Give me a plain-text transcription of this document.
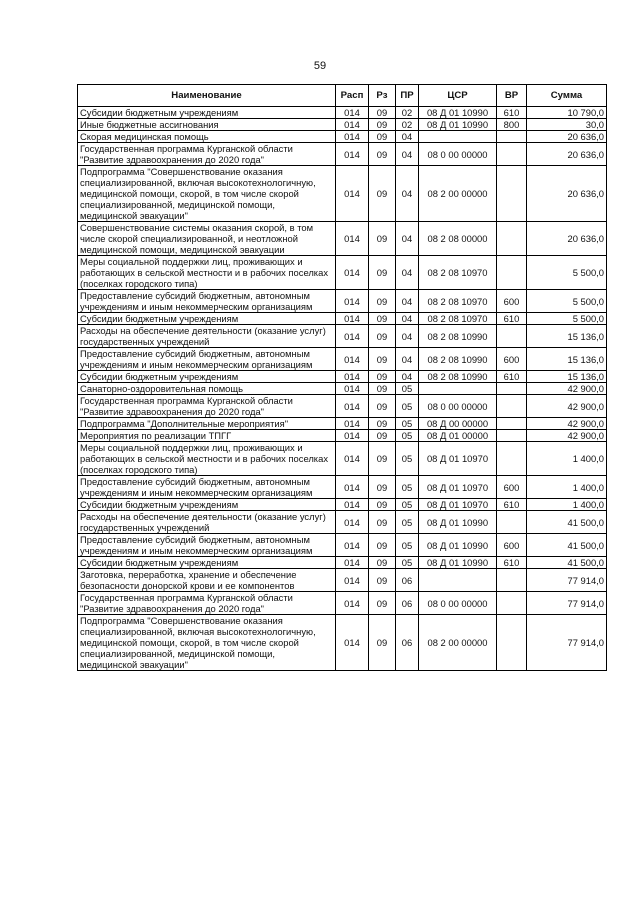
59
Наименование	Расп	Рз	ПР	ЦСР	ВР	Сумма
Субсидии бюджетным учреждениям	014	09	02	08 Д 01 10990	610	10 790,0
Иные бюджетные ассигнования	014	09	02	08 Д 01 10990	800	30,0
Скорая медицинская помощь	014	09	04			20 636,0
Государственная программа Курганской области "Развитие здравоохранения до 2020 года"	014	09	04	08 0 00 00000		20 636,0
Подпрограмма "Совершенствование оказания специализированной, включая высокотехнологичную, медицинской помощи, скорой, в том числе скорой специализированной, медицинской помощи, медицинской эвакуации"	014	09	04	08 2 00 00000		20 636,0
Совершенствование системы оказания скорой, в том числе скорой специализированной, и неотложной медицинской помощи, медицинской эвакуации	014	09	04	08 2 08 00000		20 636,0
Меры социальной поддержки лиц, проживающих и работающих в сельской местности и в рабочих поселках (поселках городского типа)	014	09	04	08 2 08 10970		5 500,0
Предоставление субсидий бюджетным, автономным учреждениям и иным некоммерческим организациям	014	09	04	08 2 08 10970	600	5 500,0
Субсидии бюджетным учреждениям	014	09	04	08 2 08 10970	610	5 500,0
Расходы на обеспечение деятельности (оказание услуг) государственных учреждений	014	09	04	08 2 08 10990		15 136,0
Предоставление субсидий бюджетным, автономным учреждениям и иным некоммерческим организациям	014	09	04	08 2 08 10990	600	15 136,0
Субсидии бюджетным учреждениям	014	09	04	08 2 08 10990	610	15 136,0
Санаторно-оздоровительная помощь	014	09	05			42 900,0
Государственная программа Курганской области "Развитие здравоохранения до 2020 года"	014	09	05	08 0 00 00000		42 900,0
Подпрограмма "Дополнительные мероприятия"	014	09	05	08 Д 00 00000		42 900,0
Мероприятия по реализации ТПГГ	014	09	05	08 Д 01 00000		42 900,0
Меры социальной поддержки лиц, проживающих и работающих в сельской местности и в рабочих поселках (поселках городского типа)	014	09	05	08 Д 01 10970		1 400,0
Предоставление субсидий бюджетным, автономным учреждениям и иным некоммерческим организациям	014	09	05	08 Д 01 10970	600	1 400,0
Субсидии бюджетным учреждениям	014	09	05	08 Д 01 10970	610	1 400,0
Расходы на обеспечение деятельности (оказание услуг) государственных учреждений	014	09	05	08 Д 01 10990		41 500,0
Предоставление субсидий бюджетным, автономным учреждениям и иным некоммерческим организациям	014	09	05	08 Д 01 10990	600	41 500,0
Субсидии бюджетным учреждениям	014	09	05	08 Д 01 10990	610	41 500,0
Заготовка, переработка, хранение и обеспечение безопасности донорской крови и ее компонентов	014	09	06			77 914,0
Государственная программа Курганской области "Развитие здравоохранения до 2020 года"	014	09	06	08 0 00 00000		77 914,0
Подпрограмма "Совершенствование оказания специализированной, включая высокотехнологичную, медицинской помощи, скорой, в том числе скорой специализированной, медицинской помощи, медицинской эвакуации"	014	09	06	08 2 00 00000		77 914,0
